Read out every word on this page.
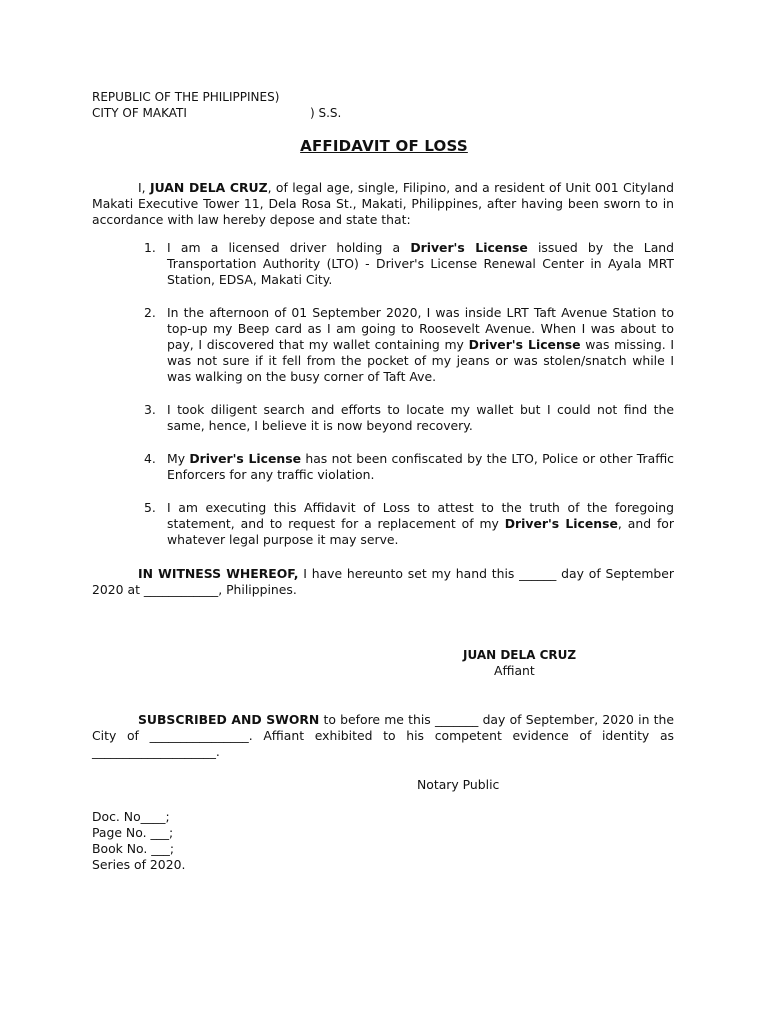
REPUBLIC OF THE PHILIPPINES)
CITY OF MAKATI	) S.S.
AFFIDAVIT OF LOSS
I, JUAN DELA CRUZ, of legal age, single, Filipino, and a resident of Unit 001 Cityland Makati Executive Tower 11, Dela Rosa St., Makati, Philippines, after having been sworn to in accordance with law hereby depose and state that:
1. I am a licensed driver holding a Driver's License issued by the Land Transportation Authority (LTO) - Driver's License Renewal Center in Ayala MRT Station, EDSA, Makati City.
2. In the afternoon of 01 September 2020, I was inside LRT Taft Avenue Station to top-up my Beep card as I am going to Roosevelt Avenue. When I was about to pay, I discovered that my wallet containing my Driver's License was missing. I was not sure if it fell from the pocket of my jeans or was stolen/snatch while I was walking on the busy corner of Taft Ave.
3. I took diligent search and efforts to locate my wallet but I could not find the same, hence, I believe it is now beyond recovery.
4. My Driver's License has not been confiscated by the LTO, Police or other Traffic Enforcers for any traffic violation.
5. I am executing this Affidavit of Loss to attest to the truth of the foregoing statement, and to request for a replacement of my Driver's License, and for whatever legal purpose it may serve.
IN WITNESS WHEREOF, I have hereunto set my hand this ______ day of September 2020 at ____________, Philippines.
JUAN DELA CRUZ
Affiant
SUBSCRIBED AND SWORN to before me this _______ day of September, 2020 in the City of ________________. Affiant exhibited to his competent evidence of identity as ____________________.
Notary Public
Doc. No____;
Page No. ___;
Book No. ___;
Series of 2020.
